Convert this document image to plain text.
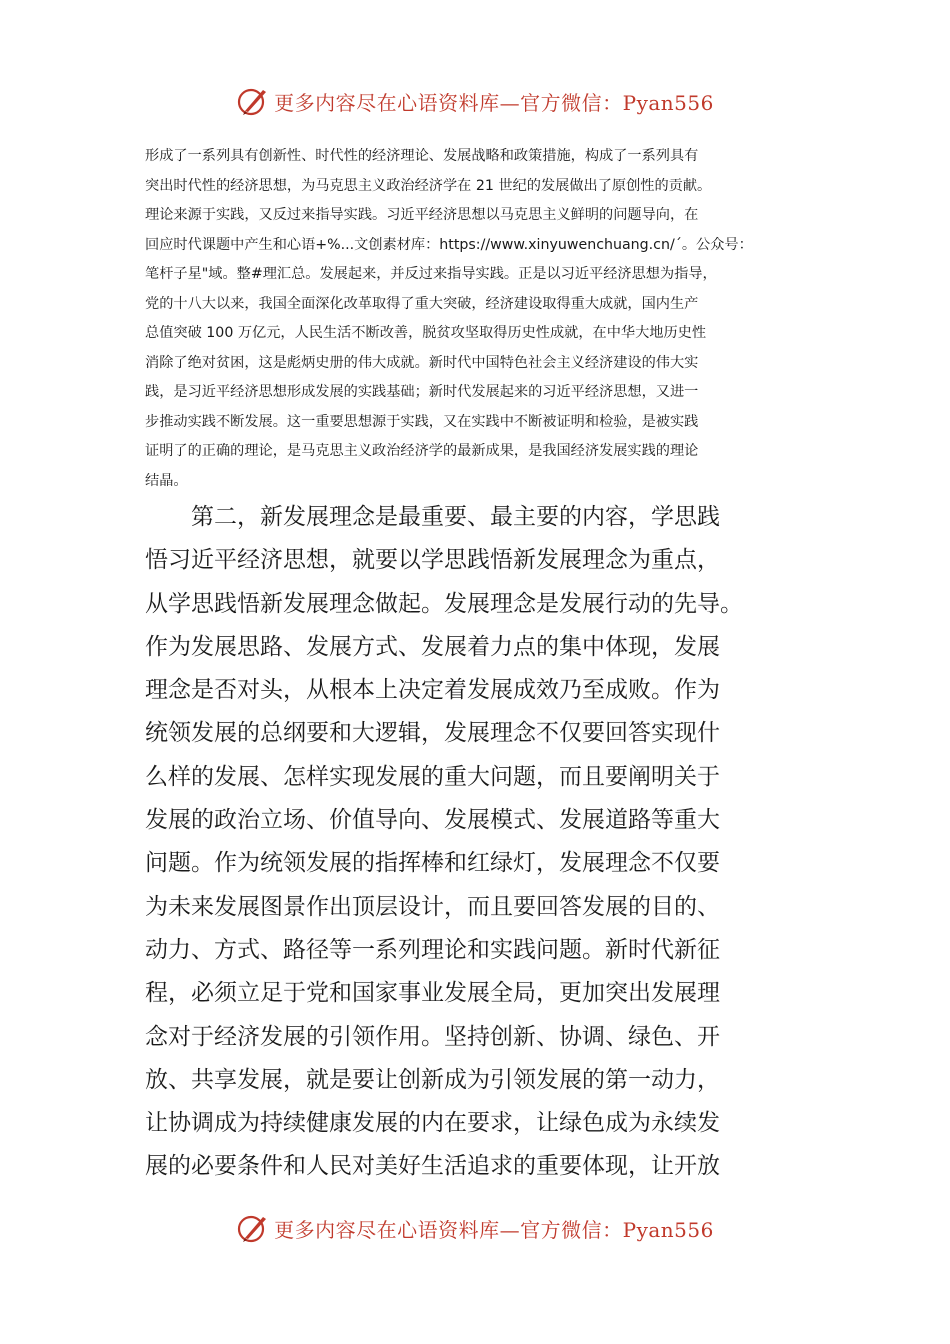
更多内容尽在心语资料库—官方微信：Pyan556
形成了一系列具有创新性、时代性的经济理论、发展战略和政策措施，构成了一系列具有
突出时代性的经济思想，为马克思主义政治经济学在 21 世纪的发展做出了原创性的贡献。
理论来源于实践，又反过来指导实践。习近平经济思想以马克思主义鲜明的问题导向，在
回应时代课题中产生和心语+%...文创素材库：https://www.xinyuwenchuang.cn/ˊ。公众号：
笔杆子星"域。整#理汇总。发展起来，并反过来指导实践。正是以习近平经济思想为指导，
党的十八大以来，我国全面深化改革取得了重大突破，经济建设取得重大成就，国内生产
总值突破 100 万亿元，人民生活不断改善，脱贫攻坚取得历史性成就，在中华大地历史性
消除了绝对贫困，这是彪炳史册的伟大成就。新时代中国特色社会主义经济建设的伟大实
践，是习近平经济思想形成发展的实践基础；新时代发展起来的习近平经济思想，又进一
步推动实践不断发展。这一重要思想源于实践，又在实践中不断被证明和检验，是被实践
证明了的正确的理论，是马克思主义政治经济学的最新成果，是我国经济发展实践的理论
结晶。
　　第二，新发展理念是最重要、最主要的内容，学思践
悟习近平经济思想，就要以学思践悟新发展理念为重点，
从学思践悟新发展理念做起。发展理念是发展行动的先导。
作为发展思路、发展方式、发展着力点的集中体现，发展
理念是否对头，从根本上决定着发展成效乃至成败。作为
统领发展的总纲要和大逻辑，发展理念不仅要回答实现什
么样的发展、怎样实现发展的重大问题，而且要阐明关于
发展的政治立场、价值导向、发展模式、发展道路等重大
问题。作为统领发展的指挥棒和红绿灯，发展理念不仅要
为未来发展图景作出顶层设计，而且要回答发展的目的、
动力、方式、路径等一系列理论和实践问题。新时代新征
程，必须立足于党和国家事业发展全局，更加突出发展理
念对于经济发展的引领作用。坚持创新、协调、绿色、开
放、共享发展，就是要让创新成为引领发展的第一动力，
让协调成为持续健康发展的内在要求，让绿色成为永续发
展的必要条件和人民对美好生活追求的重要体现，让开放
更多内容尽在心语资料库—官方微信：Pyan556
